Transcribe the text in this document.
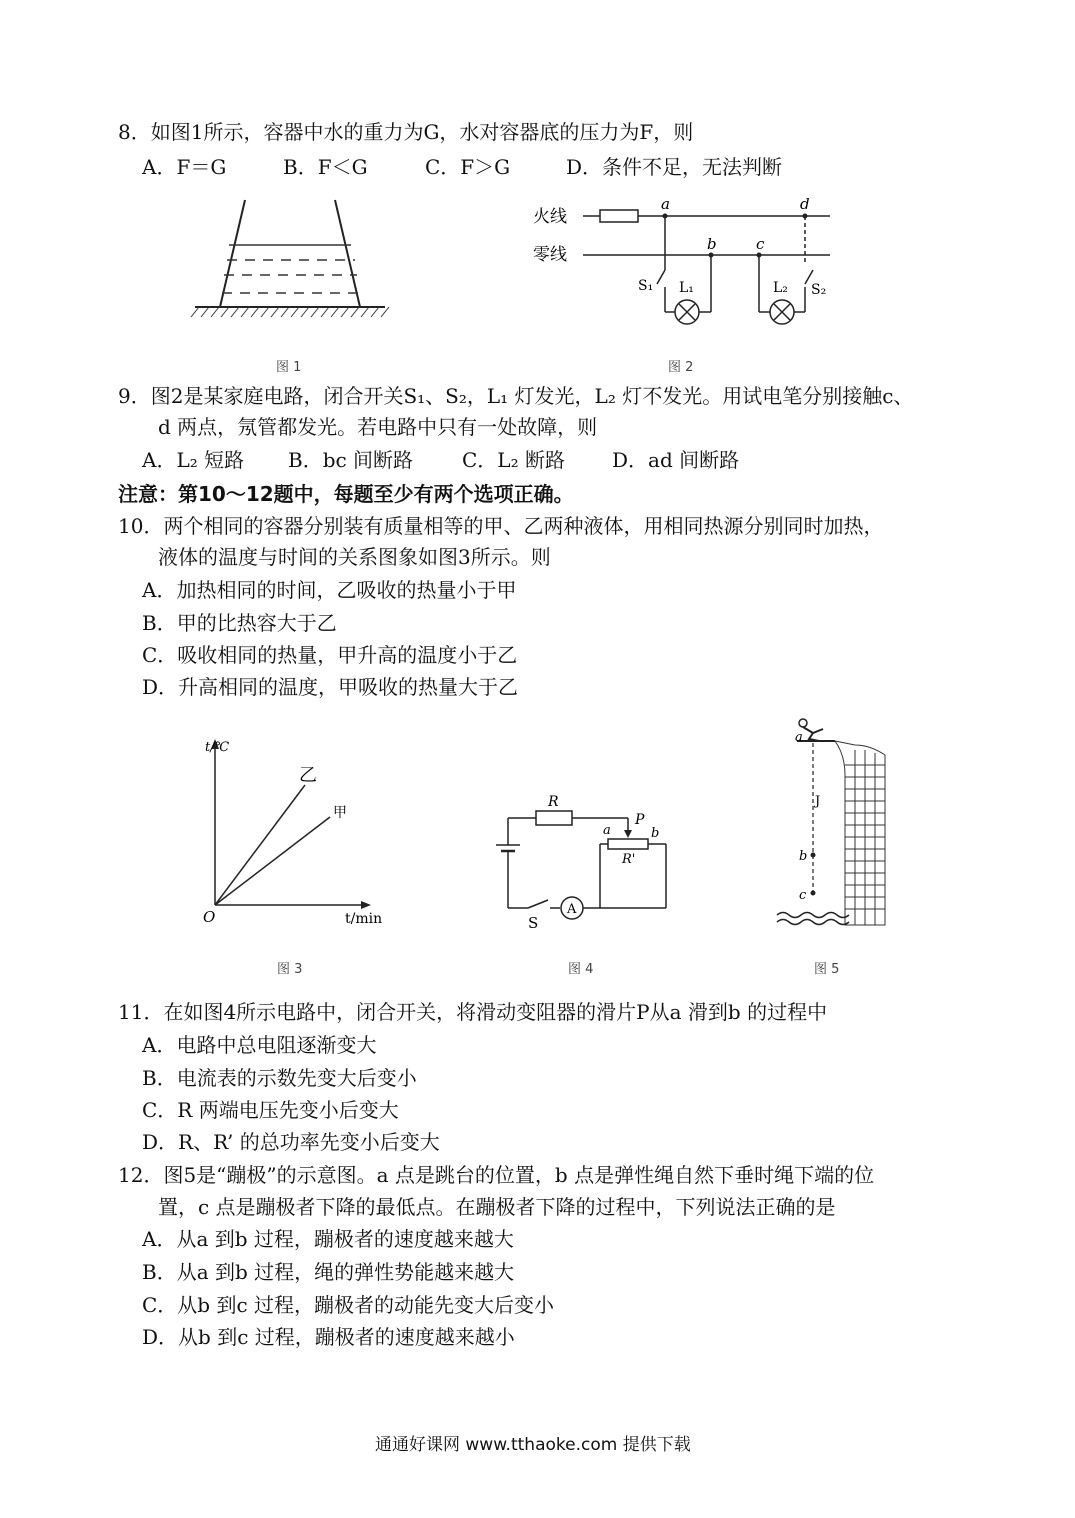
8．如图1所示，容器中水的重力为G，水对容器底的压力为F，则
A．F＝G	B．F＜G	C．F＞G	D．条件不足，无法判断
图 1
火线
零线
a	d
b	c
S₁ L₁	L₂ S₂
图 2
9．图2是某家庭电路，闭合开关S₁、S₂，L₁ 灯发光，L₂ 灯不发光。用试电笔分别接触c、
d 两点，氖管都发光。若电路中只有一处故障，则
A．L₂ 短路 B．bc 间断路 C．L₂ 断路 D．ad 间断路
注意：第10～12题中，每题至少有两个选项正确。
10．两个相同的容器分别装有质量相等的甲、乙两种液体，用相同热源分别同时加热，
液体的温度与时间的关系图象如图3所示。则
A．加热相同的时间，乙吸收的热量小于甲
B．甲的比热容大于乙
C．吸收相同的热量，甲升高的温度小于乙
D．升高相同的温度，甲吸收的热量大于乙
t/℃
乙
甲
O	t/min
图 3
R
P
a	b
R'
S
A
图 4
a
J
b
c
图 5
11．在如图4所示电路中，闭合开关，将滑动变阻器的滑片P从a 滑到b 的过程中
A．电路中总电阻逐渐变大
B．电流表的示数先变大后变小
C．R 两端电压先变小后变大
D．R、R’ 的总功率先变小后变大
12．图5是“蹦极”的示意图。a 点是跳台的位置，b 点是弹性绳自然下垂时绳下端的位
置，c 点是蹦极者下降的最低点。在蹦极者下降的过程中，下列说法正确的是
A．从a 到b 过程，蹦极者的速度越来越大
B．从a 到b 过程，绳的弹性势能越来越大
C．从b 到c 过程，蹦极者的动能先变大后变小
D．从b 到c 过程，蹦极者的速度越来越小
通通好课网 www.tthaoke.com 提供下载
